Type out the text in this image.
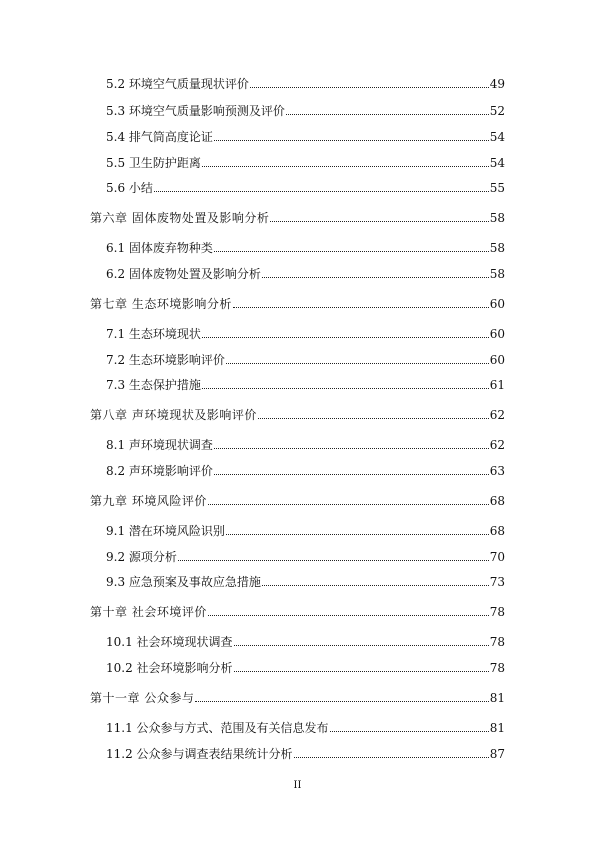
5.2 环境空气质量现状评价	49
5.3 环境空气质量影响预测及评价	52
5.4 排气筒高度论证	54
5.5 卫生防护距离	54
5.6 小结	55
第六章 固体废物处置及影响分析	58
6.1 固体废弃物种类	58
6.2 固体废物处置及影响分析	58
第七章 生态环境影响分析	60
7.1 生态环境现状	60
7.2 生态环境影响评价	60
7.3 生态保护措施	61
第八章 声环境现状及影响评价	62
8.1 声环境现状调查	62
8.2 声环境影响评价	63
第九章 环境风险评价	68
9.1 潜在环境风险识别	68
9.2 源项分析	70
9.3 应急预案及事故应急措施	73
第十章 社会环境评价	78
10.1 社会环境现状调查	78
10.2 社会环境影响分析	78
第十一章 公众参与	81
11.1 公众参与方式、范围及有关信息发布	81
11.2 公众参与调查表结果统计分析	87
II
